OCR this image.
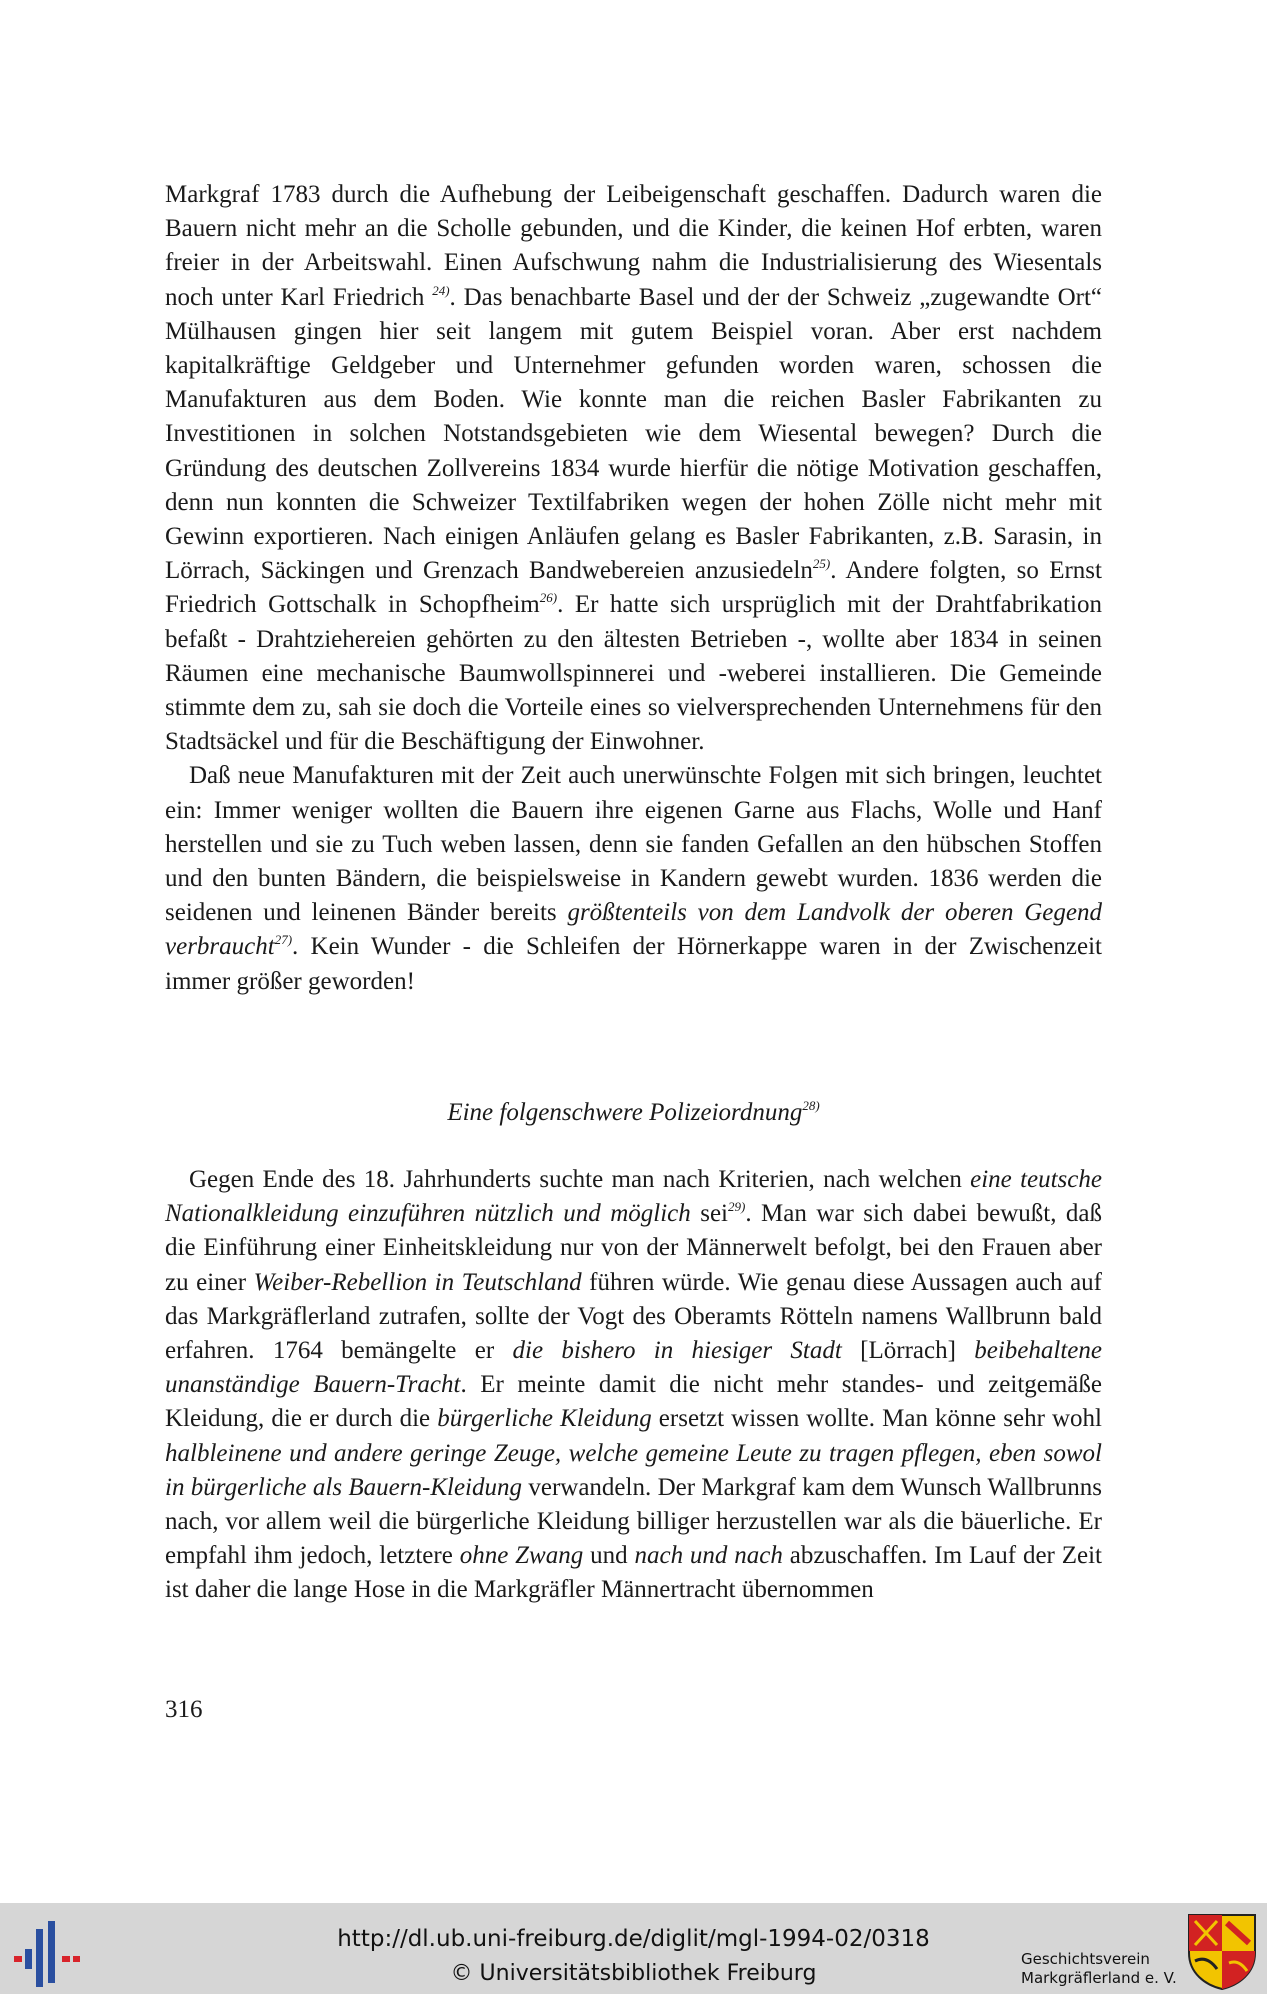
Markgraf 1783 durch die Aufhebung der Leibeigenschaft geschaffen. Dadurch waren die Bauern nicht mehr an die Scholle gebunden, und die Kinder, die keinen Hof erbten, waren freier in der Arbeitswahl. Einen Aufschwung nahm die Industrialisierung des Wiesentals noch unter Karl Friedrich $^{24)}$. Das benachbarte Basel und der der Schweiz „zugewandte Ort“ Mülhausen gingen hier seit langem mit gutem Beispiel voran. Aber erst nachdem kapitalkräftige Geldgeber und Unternehmer gefunden worden waren, schossen die Manufakturen aus dem Boden. Wie konnte man die reichen Basler Fabrikanten zu Investitionen in solchen Notstandsgebieten wie dem Wiesental bewegen? Durch die Gründung des deutschen Zollvereins 1834 wurde hierfür die nötige Motivation geschaffen, denn nun konnten die Schweizer Textilfabriken wegen der hohen Zölle nicht mehr mit Gewinn exportieren. Nach einigen Anläufen gelang es Basler Fabrikanten, z.B. Sarasin, in Lörrach, Säckingen und Grenzach Bandwebereien anzusiedeln$^{25)}$. Andere folgten, so Ernst Friedrich Gottschalk in Schopfheim$^{26)}$. Er hatte sich ursprüglich mit der Drahtfabrikation befaßt - Drahtziehereien gehörten zu den ältesten Betrieben -, wollte aber 1834 in seinen Räumen eine mechanische Baumwollspinnerei und -weberei installieren. Die Gemeinde stimmte dem zu, sah sie doch die Vorteile eines so vielversprechenden Unternehmens für den Stadtsäckel und für die Beschäftigung der Einwohner.

Daß neue Manufakturen mit der Zeit auch unerwünschte Folgen mit sich bringen, leuchtet ein: Immer weniger wollten die Bauern ihre eigenen Garne aus Flachs, Wolle und Hanf herstellen und sie zu Tuch weben lassen, denn sie fanden Gefallen an den hübschen Stoffen und den bunten Bändern, die beispielsweise in Kandern gewebt wurden. 1836 werden die seidenen und leinenen Bänder bereits größtenteils von dem Landvolk der oberen Gegend verbraucht$^{27)}$. Kein Wunder - die Schleifen der Hörnerkappe waren in der Zwischenzeit immer größer geworden!

Eine folgenschwere Polizeiordnung$^{28)}$

Gegen Ende des 18. Jahrhunderts suchte man nach Kriterien, nach welchen eine teutsche Nationalkleidung einzuführen nützlich und möglich sei$^{29)}$. Man war sich dabei bewußt, daß die Einführung einer Einheitskleidung nur von der Männerwelt befolgt, bei den Frauen aber zu einer Weiber-Rebellion in Teutschland führen würde. Wie genau diese Aussagen auch auf das Markgräflerland zutrafen, sollte der Vogt des Oberamts Rötteln namens Wallbrunn bald erfahren. 1764 bemängelte er die bishero in hiesiger Stadt [Lörrach] beibehaltene unanständige Bauern-Tracht. Er meinte damit die nicht mehr standes- und zeitgemäße Kleidung, die er durch die bürgerliche Kleidung ersetzt wissen wollte. Man könne sehr wohl halbleinene und andere geringe Zeuge, welche gemeine Leute zu tragen pflegen, eben sowol in bürgerliche als Bauern-Kleidung verwandeln. Der Markgraf kam dem Wunsch Wallbrunns nach, vor allem weil die bürgerliche Kleidung billiger herzustellen war als die bäuerliche. Er empfahl ihm jedoch, letztere ohne Zwang und nach und nach abzuschaffen. Im Lauf der Zeit ist daher die lange Hose in die Markgräfler Männertracht übernommen

316
http://dl.ub.uni-freiburg.de/diglit/mgl-1994-02/0318
© Universitätsbibliothek Freiburg
Geschichtsverein
Markgräflerland e. V.
